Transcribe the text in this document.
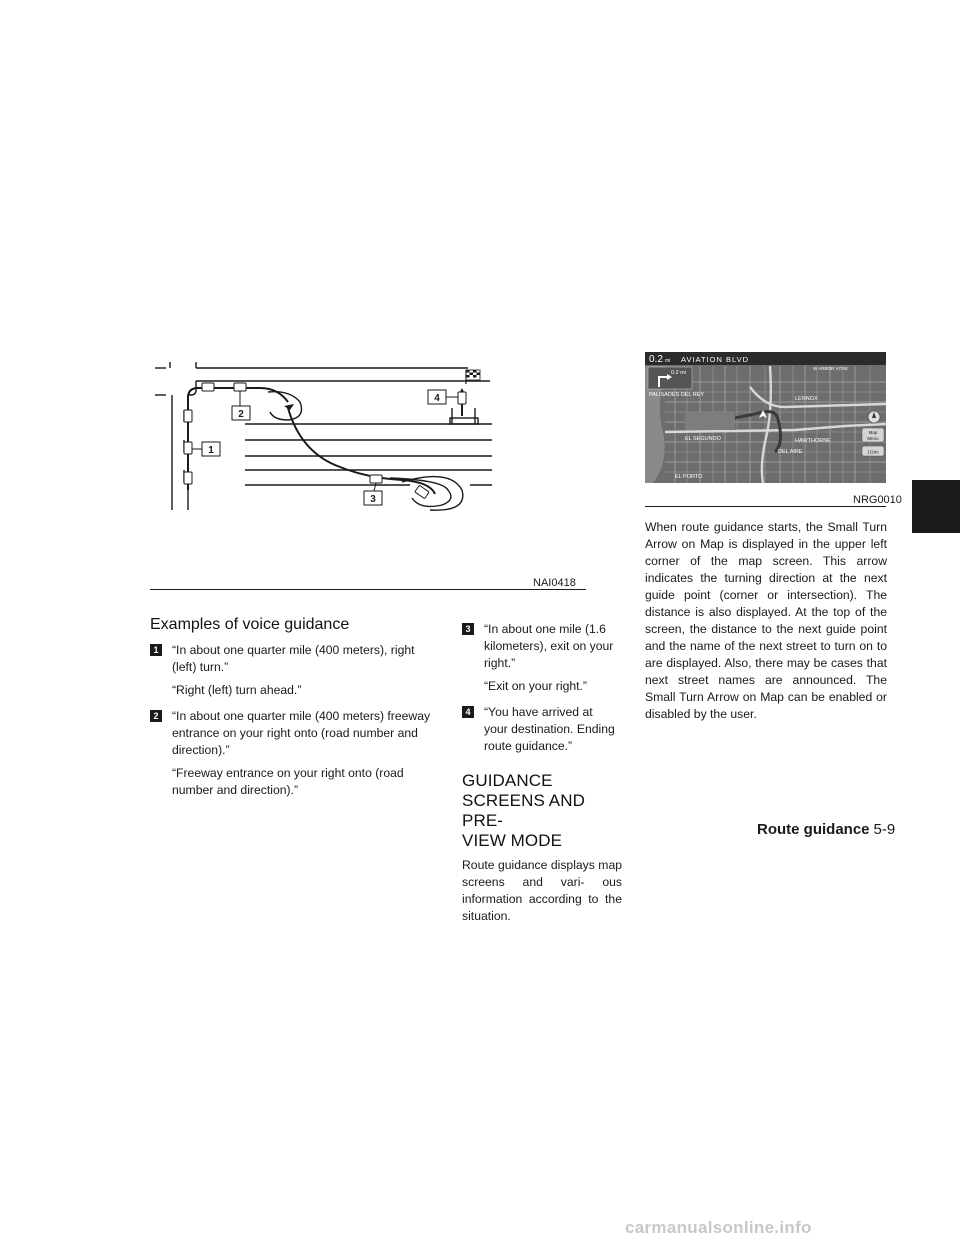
1
2
3
4
NAI0418
PALISADES DEL REY
LENNOX
EL SEGUNDO	HAWTHORNE
DEL AIRE
EL PORTO
W ARBOR VITAE
0.2 mi AVIATION BLVD
0.2 mi
Map
Menu
1/2mi
NRG0010
Examples of voice guidance
1 “In about one quarter mile (400 meters), right (left) turn.”

“Right (left) turn ahead.”

2 “In about one quarter mile (400 meters) freeway entrance on your right onto (road number and direction).”

“Freeway entrance on your right onto (road number and direction).”

3 “In about one mile (1.6 kilometers), exit on your right.”

“Exit on your right.”

4 “You have arrived at your destination. Ending route guidance.”
GUIDANCE SCREENS AND PRE-
VIEW MODE

Route guidance displays map screens and vari- ous information according to the situation.

When route guidance starts, the Small Turn Arrow on Map is displayed in the upper left corner of the map screen. This arrow indicates the turning direction at the next guide point (corner or intersection). The distance is also displayed. At the top of the screen, the distance to the next guide point and the name of the next street to turn on to are displayed. Also, there may be cases that next street names are announced. The Small Turn Arrow on Map can be enabled or disabled by the user.

Route guidance 5-9
carmanualsonline.info
